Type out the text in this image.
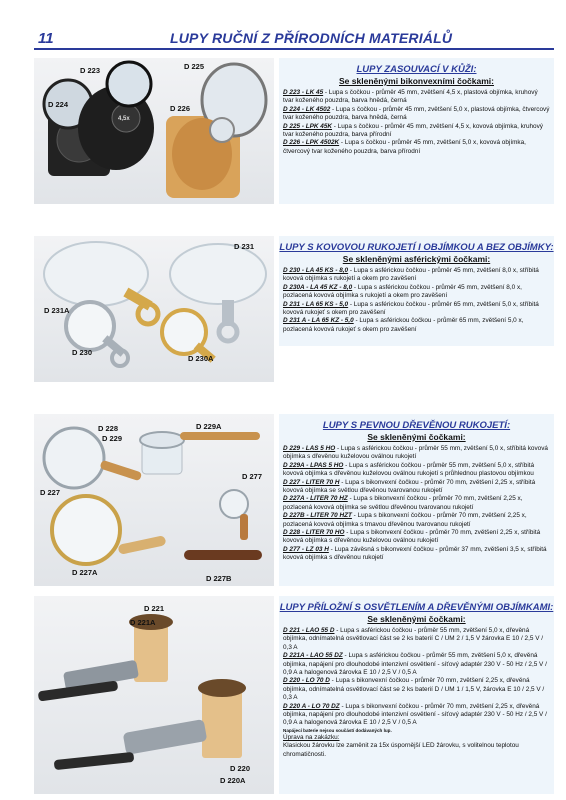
11	LUPY RUČNÍ Z PŘÍRODNÍCH MATERIÁLŮ
4,5x
D 223	D 225
D 224	D 226
LUPY ZASOUVACÍ V KŮŽI:
Se skleněnými bikonvexními čočkami:
D 223 - LK 45 - Lupa s čočkou - průměr 45 mm, zvětšení 4,5 x, plastová objímka, kruhový tvar koženého pouzdra, barva hnědá, černá
D 224 - LK 4502 - Lupa s čočkou - průměr 45 mm, zvětšení 5,0 x, plastová objímka, čtvercový tvar koženého pouzdra, barva hnědá, černá
D 225 - LPK 45K - Lupa s čočkou - průměr 45 mm, zvětšení 4,5 x, kovová objímka, kruhový tvar koženého pouzdra, barva přírodní
D 226 - LPK 4502K - Lupa s čočkou - průměr 45 mm, zvětšení 5,0 x, kovová objímka, čtvercový tvar koženého pouzdra, barva přírodní
D 231
D 231A
D 230
D 230A
LUPY S KOVOVOU RUKOJETÍ I OBJÍMKOU A BEZ OBJÍMKY:
Se skleněnými asférickými čočkami:
D 230 - LA 45 KS - 8,0 - Lupa s asférickou čočkou - průměr 45 mm, zvětšení 8,0 x, stříbitá kovová objímka s rukojetí a okem pro zavěšení
D 230A - LA 45 KZ - 8,0 - Lupa s asférickou čočkou - průměr 45 mm, zvětšení 8,0 x, pozlacená kovová objímka s rukojetí a okem pro zavěšení
D 231 - LA 65 KS - 5,0 - Lupa s asférickou čočkou - průměr 65 mm, zvětšení 5,0 x, stříbitá kovová rukojeť s okem pro zavěšení
D 231 A - LA 65 KZ - 5,0 - Lupa s asférickou čočkou - průměr 65 mm, zvětšení 5,0 x, pozlacená kovová rukojeť s okem pro zavěšení
D 228
D 229
D 229A
D 227
D 277
D 227A
D 227B
LUPY S PEVNOU DŘEVĚNOU RUKOJETÍ:
Se skleněnými čočkami:
D 229 - LAS 5 HO - Lupa s asférickou čočkou - průměr 55 mm, zvětšení 5,0 x, stříbitá kovová objímka s dřevěnou kuželovou oválnou rukojetí
D 229A - LPAS 5 HO - Lupa s asférickou čočkou - průměr 55 mm, zvětšení 5,0 x, stříbitá kovová objímka s dřevěnou kuželovou oválnou rukojetí s průhlednou plastovou objímkou
D 227 - LITER 70 H - Lupa s bikonvexní čočkou - průměr 70 mm, zvětšení 2,25 x, stříbitá kovová objímka se světlou dřevěnou tvarovanou rukojetí
D 227A - LITER 70 HZ - Lupa s bikonvexní čočkou - průměr 70 mm, zvětšení 2,25 x, pozlacená kovová objímka se světlou dřevěnou tvarovanou rukojetí
D 227B - LITER 70 HZT - Lupa s bikonvexní čočkou - průměr 70 mm, zvětšení 2,25 x, pozlacená kovová objímka s tmavou dřevěnou tvarovanou rukojetí
D 228 - LITER 70 HO - Lupa s bikonvexní čočkou - průměr 70 mm, zvětšení 2,25 x, stříbitá kovová objímka s dřevěnou kuželovou oválnou rukojetí
D 277 - LZ 03 H - Lupa závěsná s bikonvexní čočkou - průměr 37 mm, zvětšení 3,5 x, stříbitá kovová objímka s dřevěnou rukojetí
D 221
D 221A
D 220
D 220A
LUPY PŘÍLOŽNÍ S OSVĚTLENÍM A DŘEVĚNÝMI OBJÍMKAMI:
Se skleněnými čočkami:
D 221 - LAO 55 D - Lupa s asférickou čočkou - průměr 55 mm, zvětšení 5,0 x, dřevěná objímka, odnímatelná osvětlovací část se 2 ks baterií C / UM 2 / 1,5 V žárovka E 10 / 2,5 V / 0,3 A
D 221A - LAO 55 DZ - Lupa s asférickou čočkou - průměr 55 mm, zvětšení 5,0 x, dřevěná objímka, napájení pro dlouhodobé intenzivní osvětlení - síťový adaptér 230 V - 50 Hz / 2,5 V / 0,9 A a halogenová žárovka E 10 / 2,5 V / 0,5 A
D 220 - LO 70 D - Lupa s bikonvexní čočkou - průměr 70 mm, zvětšení 2,25 x, dřevěná objímka, odnímatelná osvětlovací část se 2 ks baterií D / UM 1 / 1,5 V, žárovka E 10 / 2,5 V / 0,3 A
D 220 A - LO 70 DZ - Lupa s bikonvexní čočkou - průměr 70 mm, zvětšení 2,25 x, dřevěná objímka, napájení pro dlouhodobé intenzivní osvětlení - síťový adaptér 230 V - 50 Hz / 2,5 V / 0,9 A a halogenová žárovka E 10 / 2,5 V / 0,5 A
Napájecí baterie nejsou součástí dodávaných lup.
Úprava na zakázku:
Klasickou žárovku lze zaměnit za 15x úspornější LED žárovku, s volitelnou teplotou chromatičnosti.
